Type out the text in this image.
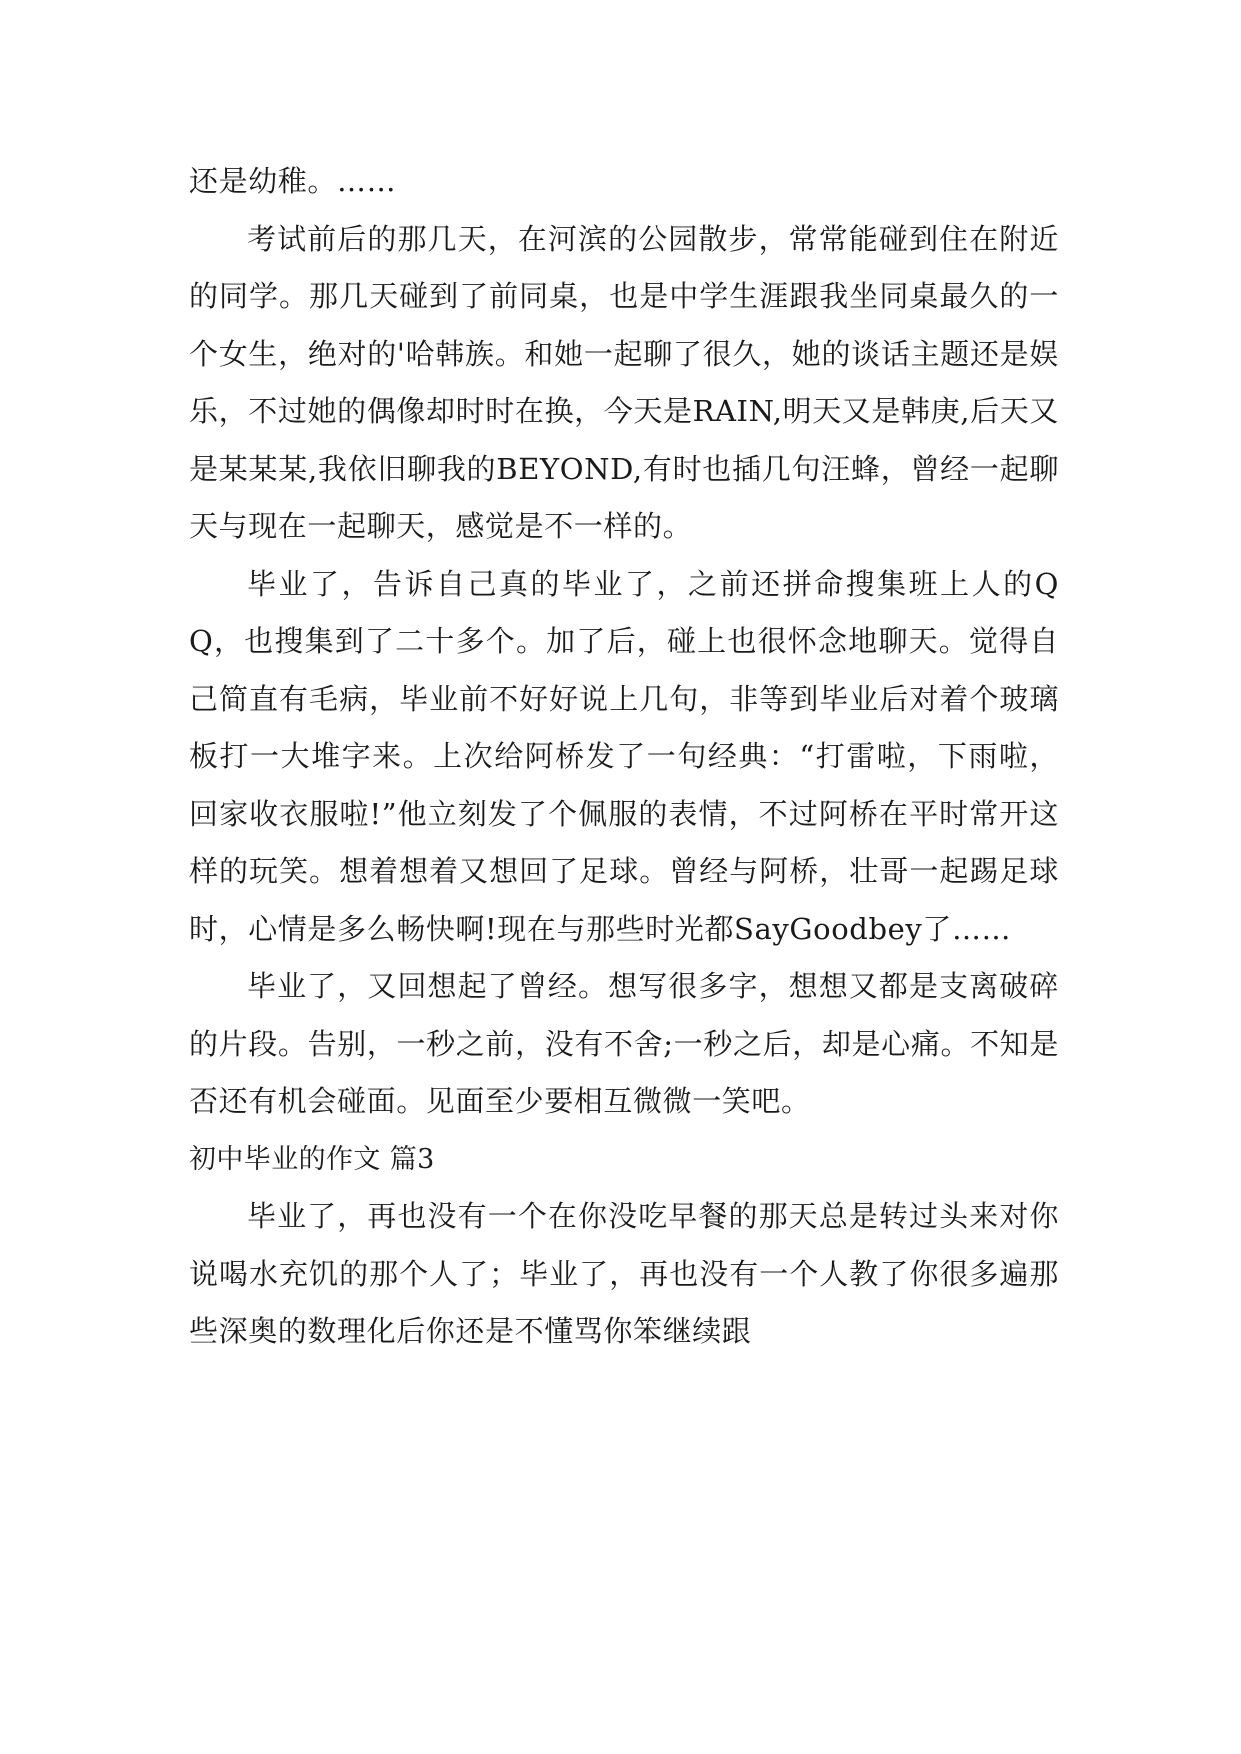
还是幼稚。……

考试前后的那几天，在河滨的公园散步，常常能碰到住在附近的同学。那几天碰到了前同桌，也是中学生涯跟我坐同桌最久的一个女生，绝对的'哈韩族。和她一起聊了很久，她的谈话主题还是娱乐，不过她的偶像却时时在换，今天是RAIN,明天又是韩庚,后天又是某某某,我依旧聊我的BEYOND,有时也插几句汪蜂，曾经一起聊天与现在一起聊天，感觉是不一样的。

毕业了，告诉自己真的毕业了，之前还拼命搜集班上人的QQ，也搜集到了二十多个。加了后，碰上也很怀念地聊天。觉得自己简直有毛病，毕业前不好好说上几句，非等到毕业后对着个玻璃板打一大堆字来。上次给阿桥发了一句经典：“打雷啦，下雨啦，回家收衣服啦!”他立刻发了个佩服的表情，不过阿桥在平时常开这样的玩笑。想着想着又想回了足球。曾经与阿桥，壮哥一起踢足球时，心情是多么畅快啊!现在与那些时光都SayGoodbey了……

毕业了，又回想起了曾经。想写很多字，想想又都是支离破碎的片段。告别，一秒之前，没有不舍;一秒之后，却是心痛。不知是否还有机会碰面。见面至少要相互微微一笑吧。

初中毕业的作文 篇3

毕业了，再也没有一个在你没吃早餐的那天总是转过头来对你说喝水充饥的那个人了；毕业了，再也没有一个人教了你很多遍那些深奥的数理化后你还是不懂骂你笨继续跟
